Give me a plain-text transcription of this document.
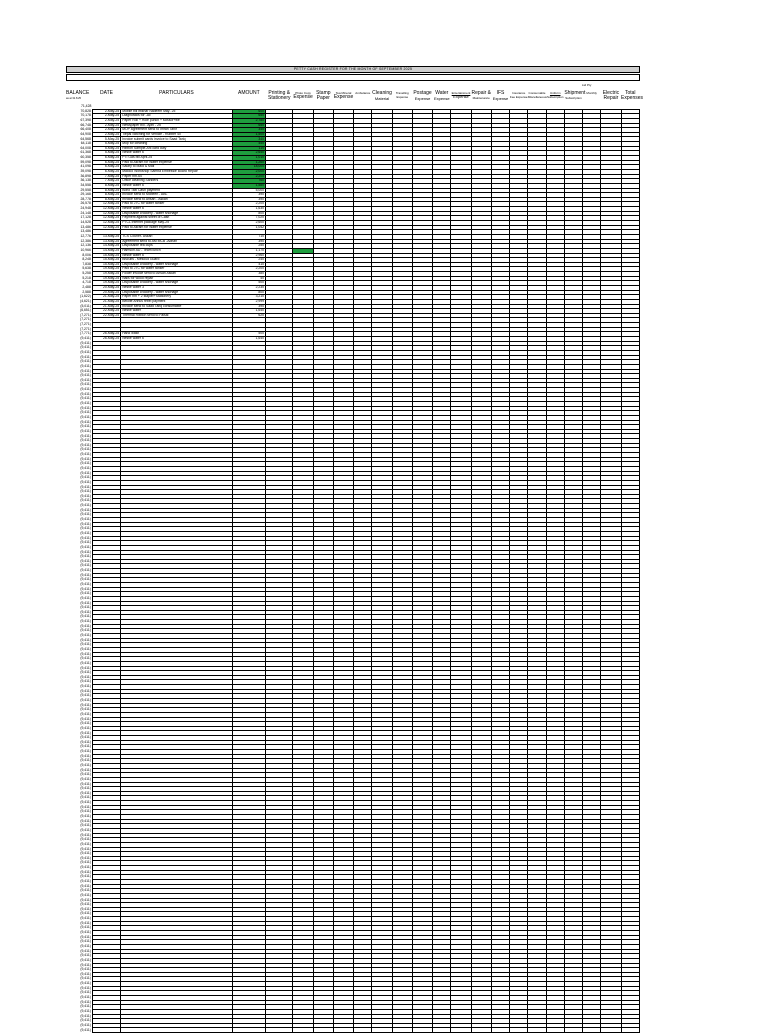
PETTY CASH REGISTER FOR THE MONTH OF SEPTEMBER 2025
Ltd Pty
BALANCE
as at 31.8.25	DATE	PARTICULARS	AMOUNT	Printing &
Stationery	Photo Copy
Expense	Stamp
Paper	Tea Mineral
Expense	Ambulance	Cleaning
Material	Travelling
Expense	Postage
Expense	Water
Expense	Entertainment
Expense	Repair &
Maintenance	IFS
Expense	Insurance
Fee Expense	Consumable
Miscellaneous	Uniform
Subscription	Shipment
Subscription	Monthly	Electric
Repair	Total
Expenses
71,428																						
70,828	2-May-25	Mobile bill Iftikhar Nadeem May- 25	600																			
70,178	2-May-25	Diagnostics for -Ac	650																			
67,398	2-May-25	Paper Roll + Hole punch + scissor+file	2,780																			
66,748	2-May-25	Newspaper bill - April - 25	650																			
66,408	2-May-25	MOP agreement send to Imran Tahir	340																			
64,908	2-May-25	Tiepal Stitching for Vehicle - Rubber 40	1,500																			
64,568	5-May-25	Invoice submit cards invoice to Saad Tariq	340																			
64,118	5-May-25	Mop for cleaning	450																			
64,008	5-May-25	Ribbon Sample-Ahl card duty	110																			
61,368	5-May-25	Nestle water 6	2,640																			
60,358	6-May-25	PTI Gas bill April-25	1,010																			
59,098	6-May-25	Paid to Akram for Water expense	1,260																			
41,098	6-May-25	Salary to Maid & Mali	18,000																			
39,098	6-May-25	Maloco Workshop Samba Embessie Board Repair	2,000																			
36,898	7-May-25	Paper rim A4	2,200																			
36,138	7-May-25	Office cleaning Sanbers	760																			
34,558	8-May-25	Nestle water 6	1,580																			
29,558	8-May-25	Bono Taxi Cash payment	5,000																			
29,168	8-May-25	Invoice send to Mobeen - ABL	390																			
28,778	8-May-25	Invoice send to Ahsan - Askari	390																			
26,578	12-May-25	Paid to JTC for water tanker	2,200																			
24,948	12-May-25	Nestle water 6	1,630																			
24,148	12-May-25	Disposable crockery - water shortage	800																			
17,128	12-May-25	Payment against sheet of Cash	7,020																			
14,528	12-May-25	PTCL internet package May-25	2,600																			
13,486	12-May-25	Paid to Akram for Water expense	1,042																			
13,486																						
12,776	13-May-25	TCS Courier- Askari	710																			
12,386	13-May-25	Agreement send to AM MCB -Adnan	390																			
12,136	14-May-25	Disposable tea cups	250																			
10,966	14-May-25	Hamson AD - Team lunch	1,170																			
8,006	15-May-25	Nestle water 6	2,960																			
8,248	15-May-25	Biscuits - Mesoud Guard	240																			
7,838	15-May-25	Disposable crockery - water shortage	410																			
5,638	19-May-25	Paid to JTC for water tanker	2,200																			
5,258	19-May-25	Folder invoice send to Ahsan Askari	380																			
5,218	19-May-25	Nails for wood repair	40																			
4,718	19-May-25	Disposable crockery - water shortage	500																			
2,488	20-May-25	Nestle water 3	2,230																			
2,588	20-May-25	Disposable crockery - water shortage	800																			
(1,622)	21-May-25	Paper rim + 2 stapler+Stationery	3,210																			
(4,621)	21-May-25	Beloite Annus rebel payment	2,999																			
(5,011)	21-May-25	Invoice send to Saad Tariq consumable	390																			
(6,651)	22-May-25	Nestle water	1,640																			
(7,271)	22-May-25	Thermal Ribbon send to Faisal	620																			
(7,271)																						
(7,271)																						
(7,271)																						
(7,771)	26-May-25	Hand wash	500																			
(9,411)	26-May-25	Nestle water 6	1,640																			
(9,411)																						
(9,411)																						
(9,411)																						
(9,411)																						
(9,411)																						
(9,411)																						
(9,411)																						
(9,411)																						
(9,411)																						
(9,411)																						
(9,411)																						
(9,411)																						
(9,411)																						
(9,411)																						
(9,411)																						
(9,411)																						
(9,411)																						
(9,411)																						
(9,411)																						
(9,411)																						
(9,411)																						
(9,411)																						
(9,411)																						
(9,411)																						
(9,411)																						
(9,411)																						
(9,411)																						
(9,411)																						
(9,411)																						
(9,411)																						
(9,411)																						
(9,411)																						
(9,411)																						
(9,411)																						
(9,411)																						
(9,411)																						
(9,411)																						
(9,411)																						
(9,411)																						
(9,411)																						
(9,411)																						
(9,411)																						
(9,411)																						
(9,411)																						
(9,411)																						
(9,411)																						
(9,411)																						
(9,411)																						
(9,411)																						
(9,411)																						
(9,411)																						
(9,411)																						
(9,411)																						
(9,411)																						
(9,411)																						
(9,411)																						
(9,411)																						
(9,411)																						
(9,411)																						
(9,411)																						
(9,411)																						
(9,411)																						
(9,411)																						
(9,411)																						
(9,411)																						
(9,411)																						
(9,411)																						
(9,411)																						
(9,411)																						
(9,411)																						
(9,411)																						
(9,411)																						
(9,411)																						
(9,411)																						
(9,411)																						
(9,411)																						
(9,411)																						
(9,411)																						
(9,411)																						
(9,411)																						
(9,411)																						
(9,411)																						
(9,411)																						
(9,411)																						
(9,411)																						
(9,411)																						
(9,411)																						
(9,411)																						
(9,411)																						
(9,411)																						
(9,411)																						
(9,411)																						
(9,411)																						
(9,411)																						
(9,411)																						
(9,411)																						
(9,411)																						
(9,411)																						
(9,411)																						
(9,411)																						
(9,411)																						
(9,411)																						
(9,411)																						
(9,411)																						
(9,411)																						
(9,411)																						
(9,411)																						
(9,411)																						
(9,411)																						
(9,411)																						
(9,411)																						
(9,411)																						
(9,411)																						
(9,411)																						
(9,411)																						
(9,411)																						
(9,411)																						
(9,411)																						
(9,411)																						
(9,411)																						
(9,411)																						
(9,411)																						
(9,411)																						
(9,411)																						
(9,411)																						
(9,411)																						
(9,411)																						
(9,411)																						
(9,411)																						
(9,411)																						
(9,411)																						
(9,411)																						
(9,411)																						
(9,411)																						
(9,411)																						
(9,411)																						
(9,411)																						
(9,411)																						
(9,411)																						
(9,411)																						
(9,411)																						
(9,411)																						
(9,411)																						
(9,411)																						
(9,411)																						
(9,411)																						
(9,411)																						
(9,411)																						
(9,411)																						
